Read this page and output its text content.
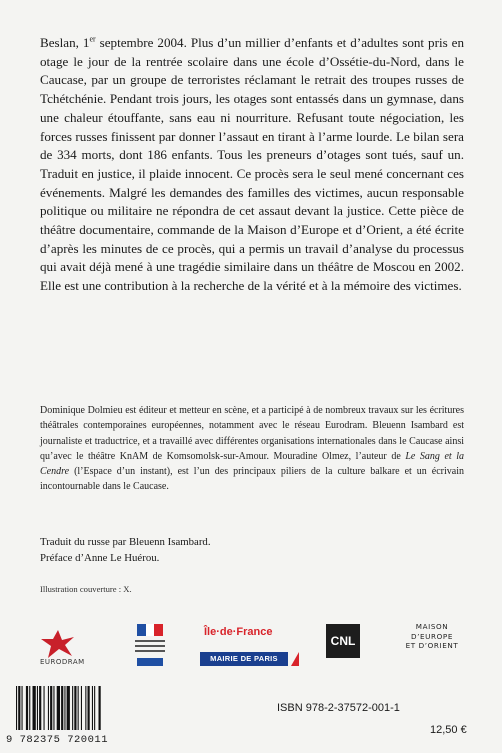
Beslan, 1er septembre 2004. Plus d’un millier d’enfants et d’adultes sont pris en otage le jour de la rentrée scolaire dans une école d’Ossétie-du-Nord, dans le Caucase, par un groupe de terroristes réclamant le retrait des troupes russes de Tchétchénie. Pendant trois jours, les otages sont entassés dans un gymnase, dans une chaleur étouffante, sans eau ni nourriture. Refusant toute négociation, les forces russes finissent par donner l’assaut en tirant à l’arme lourde. Le bilan sera de 334 morts, dont 186 enfants. Tous les preneurs d’otages sont tués, sauf un. Traduit en justice, il plaide innocent. Ce procès sera le seul mené concernant ces événements. Malgré les demandes des familles des victimes, aucun responsable politique ou militaire ne répondra de cet assaut devant la justice. Cette pièce de théâtre documentaire, commande de la Maison d’Europe et d’Orient, a été écrite d’après les minutes de ce procès, qui a permis un travail d’analyse du processus qui avait déjà mené à une tragédie similaire dans un théâtre de Moscou en 2002. Elle est une contribution à la recherche de la vérité et à la mémoire des victimes.

Dominique Dolmieu est éditeur et metteur en scène, et a participé à de nombreux travaux sur les écritures théâtrales contemporaines européennes, notamment avec le réseau Eurodram. Bleuenn Isambard est journaliste et traductrice, et a travaillé avec différentes organisations internationales dans le Caucase ainsi qu’avec le théâtre KnAM de Komsomolsk-sur-Amour. Mouradine Olmez, l’auteur de Le Sang et la Cendre (l’Espace d’un instant), est l’un des principaux piliers de la culture balkare et un écrivain incontournable dans le Caucase.

Traduit du russe par Bleuenn Isambard.
Préface d’Anne Le Huérou.
Illustration couverture : X.
EURODRAM
Île·de·France
MAIRIE DE PARIS
CNL
MAISON
D’EUROPE
ET D’ORIENT
9 782375 720011
ISBN 978-2-37572-001-1
12,50 €
